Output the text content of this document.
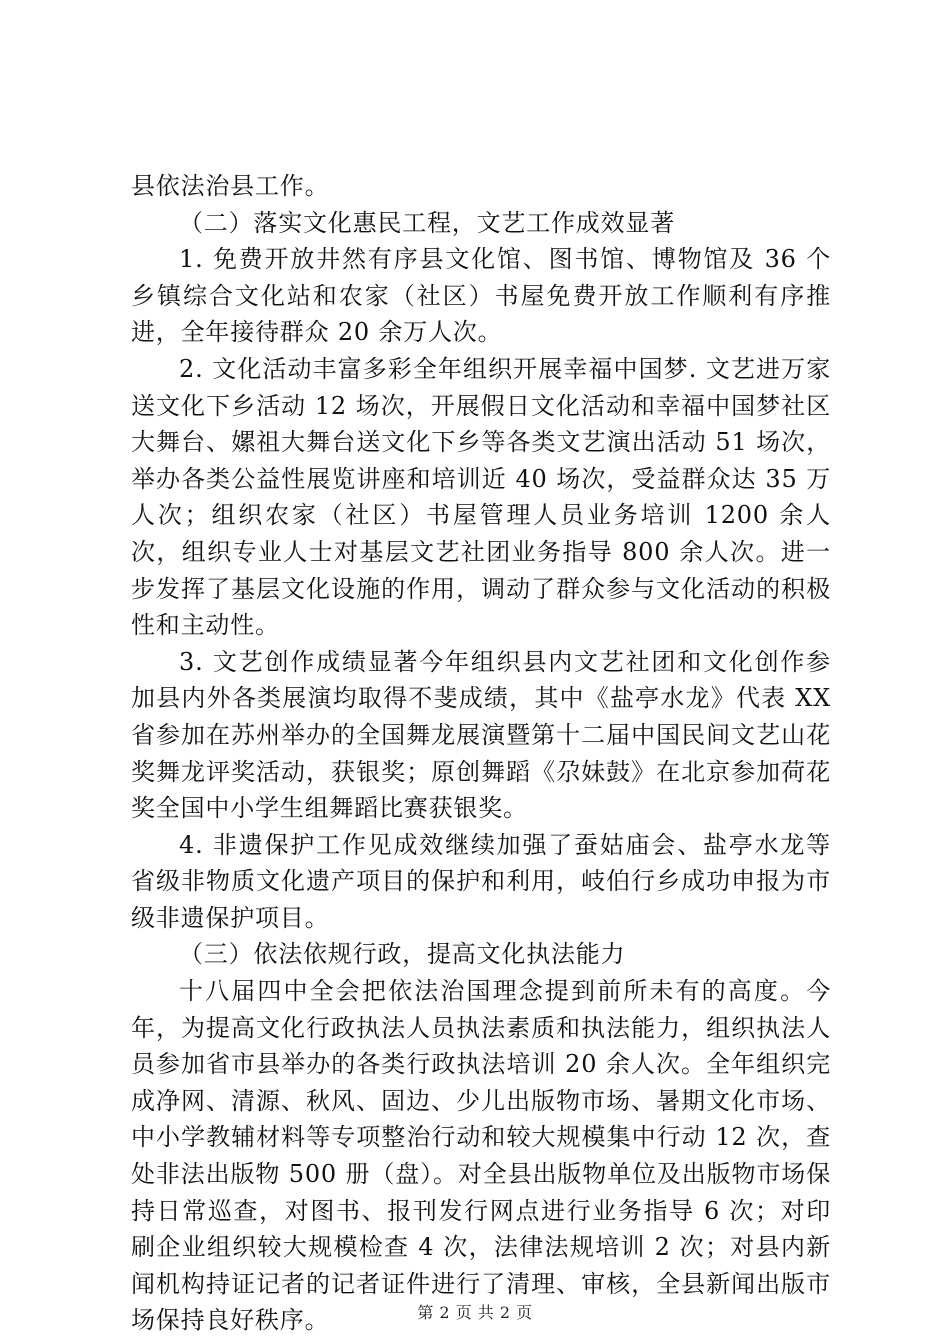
县依法治县工作。

（二）落实文化惠民工程，文艺工作成效显著

1. 免费开放井然有序县文化馆、图书馆、博物馆及 36 个乡镇综合文化站和农家（社区）书屋免费开放工作顺利有序推进，全年接待群众 20 余万人次。

2. 文化活动丰富多彩全年组织开展幸福中国梦. 文艺进万家送文化下乡活动 12 场次，开展假日文化活动和幸福中国梦社区大舞台、嫘祖大舞台送文化下乡等各类文艺演出活动 51 场次，举办各类公益性展览讲座和培训近 40 场次，受益群众达 35 万人次；组织农家（社区）书屋管理人员业务培训 1200 余人次，组织专业人士对基层文艺社团业务指导 800 余人次。进一步发挥了基层文化设施的作用，调动了群众参与文化活动的积极性和主动性。

3. 文艺创作成绩显著今年组织县内文艺社团和文化创作参加县内外各类展演均取得不斐成绩，其中《盐亭水龙》代表 XX 省参加在苏州举办的全国舞龙展演暨第十二届中国民间文艺山花奖舞龙评奖活动，获银奖；原创舞蹈《尕妹鼓》在北京参加荷花奖全国中小学生组舞蹈比赛获银奖。

4. 非遗保护工作见成效继续加强了蚕姑庙会、盐亭水龙等省级非物质文化遗产项目的保护和利用，岐伯行乡成功申报为市级非遗保护项目。

（三）依法依规行政，提高文化执法能力

十八届四中全会把依法治国理念提到前所未有的高度。今年，为提高文化行政执法人员执法素质和执法能力，组织执法人员参加省市县举办的各类行政执法培训 20 余人次。全年组织完成净网、清源、秋风、固边、少儿出版物市场、暑期文化市场、中小学教辅材料等专项整治行动和较大规模集中行动 12 次，查处非法出版物 500 册（盘）。对全县出版物单位及出版物市场保持日常巡查，对图书、报刊发行网点进行业务指导 6 次；对印刷企业组织较大规模检查 4 次，法律法规培训 2 次；对县内新闻机构持证记者的记者证件进行了清理、审核，全县新闻出版市场保持良好秩序。	第 2 页 共 2 页
